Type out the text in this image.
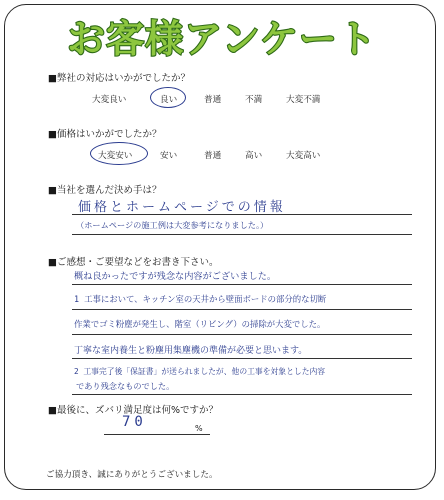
お客様アンケート
■弊社の対応はいかがでしたか？
大変良い	良い	普通	不満	大変不満
■価格はいかがでしたか？
大変安い	安い	普通	高い	大変高い
■当社を選んだ決め手は？
価格とホームページでの情報
（ホームページの施工例は大変参考になりました。）
■ご感想・ご要望などをお書き下さい。
概ね良かったですが残念な内容がございました。
1 工事において、キッチン室の天井から壁面ボードの部分的な切断
作業でゴミ粉塵が発生し、階室（リビング）の掃除が大変でした。
丁寧な室内養生と粉塵用集塵機の準備が必要と思います。
2 工事完了後「保証書」が送られましたが、他の工事を対象とした内容
であり残念なものでした。
■最後に、ズバリ満足度は何%ですか？
70	%
ご協力頂き、誠にありがとうございました。
